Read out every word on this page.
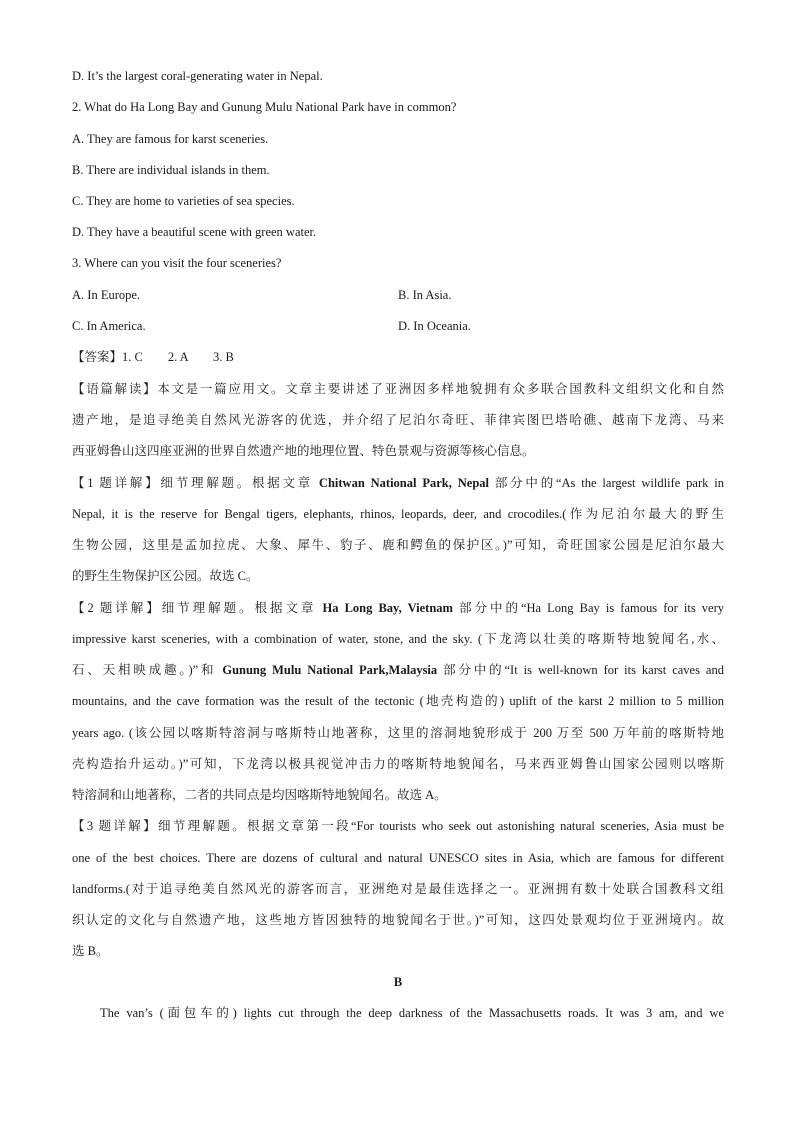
D. It’s the largest coral-generating water in Nepal.
2. What do Ha Long Bay and Gunung Mulu National Park have in common?
A. They are famous for karst sceneries.
B. There are individual islands in them.
C. They are home to varieties of sea species.
D. They have a beautiful scene with green water.
3. Where can you visit the four sceneries?
A. In Europe.	B. In Asia.
C. In America.	D. In Oceania.
【答案】1. C　　2. A　　3. B
【语篇解读】本文是一篇应用文。文章主要讲述了亚洲因多样地貌拥有众多联合国教科文组织文化和自然
遗产地，是追寻绝美自然风光游客的优选，并介绍了尼泊尔奇旺、菲律宾图巴塔哈礁、越南下龙湾、马来
西亚姆鲁山这四座亚洲的世界自然遗产地的地理位置、特色景观与资源等核心信息。
【1 题详解】细节理解题。根据文章 Chitwan National Park, Nepal 部分中的“As the largest wildlife park in
Nepal, it is the reserve for Bengal tigers, elephants, rhinos, leopards, deer, and crocodiles.(作为尼泊尔最大的野生
生物公园，这里是孟加拉虎、大象、犀牛、豹子、鹿和鳄鱼的保护区。)”可知，奇旺国家公园是尼泊尔最大
的野生生物保护区公园。故选 C。
【2 题详解】细节理解题。根据文章 Ha Long Bay, Vietnam 部分中的“Ha Long Bay is famous for its very
impressive karst sceneries, with a combination of water, stone, and the sky. (下龙湾以壮美的喀斯特地貌闻名,水、
石、天相映成趣。)”和 Gunung Mulu National Park,Malaysia 部分中的“It is well-known for its karst caves and
mountains, and the cave formation was the result of the tectonic (地壳构造的) uplift of the karst 2 million to 5 million
years ago. (该公园以喀斯特溶洞与喀斯特山地著称，这里的溶洞地貌形成于 200 万至 500 万年前的喀斯特地
壳构造抬升运动。)”可知，下龙湾以极具视觉冲击力的喀斯特地貌闻名，马来西亚姆鲁山国家公园则以喀斯
特溶洞和山地著称，二者的共同点是均因喀斯特地貌闻名。故选 A。
【3 题详解】细节理解题。根据文章第一段“For tourists who seek out astonishing natural sceneries, Asia must be
one of the best choices. There are dozens of cultural and natural UNESCO sites in Asia, which are famous for different
landforms.(对于追寻绝美自然风光的游客而言，亚洲绝对是最佳选择之一。亚洲拥有数十处联合国教科文组
织认定的文化与自然遗产地，这些地方皆因独特的地貌闻名于世。)”可知，这四处景观均位于亚洲境内。故
选 B。
B
The van’s (面包车的) lights cut through the deep darkness of the Massachusetts roads. It was 3 am, and we
